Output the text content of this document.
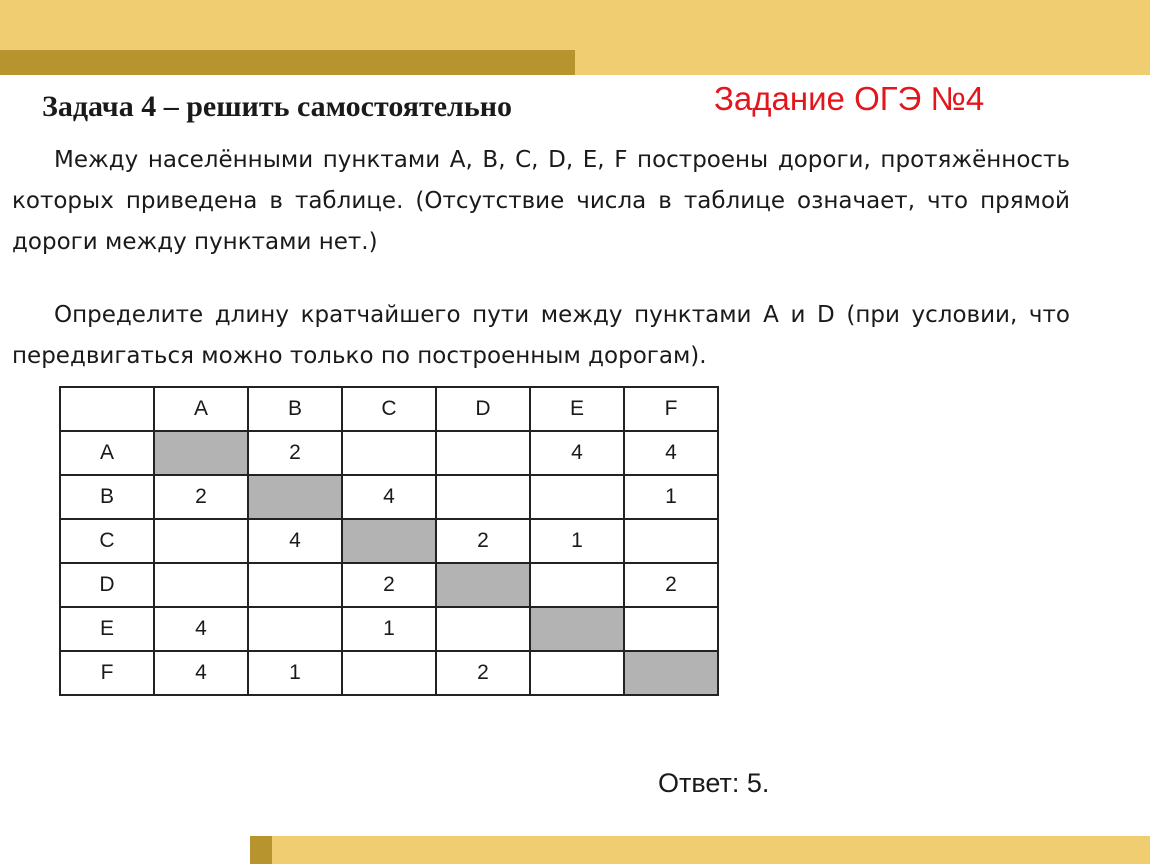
Задача 4 – решить самостоятельно	Задание ОГЭ №4

Между населёнными пунктами A, B, C, D, E, F построены дороги, протяжённость которых приведена в таблице. (Отсутствие числа в таблице означает, что прямой дороги между пунктами нет.)

Определите длину кратчайшего пути между пунктами A и D (при условии, что передвигаться можно только по построенным дорогам).

	A	B	C	D	E	F
A		2			4	4
B	2		4			1
C		4		2	1	
D			2			2
E	4		1			
F	4	1		2		
Ответ: 5.
